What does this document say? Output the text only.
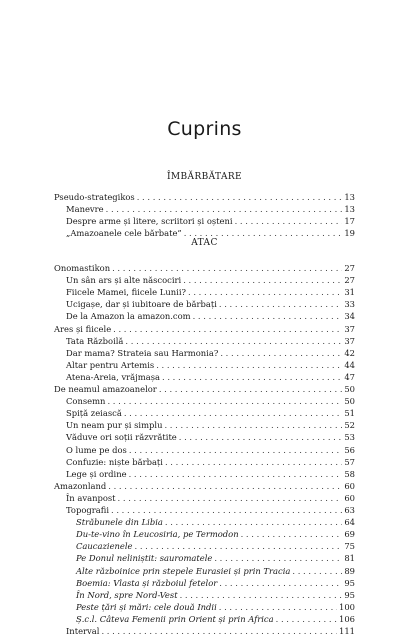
Cuprins
ÎMBĂRBĂTARE
Pseudo-strategikos . . .	13
Manevre . . .	13
Despre arme și litere, scriitori și oșteni . . .	17
„Amazoanele cele bărbate” . . .	19
ATAC
Onomastikon . . .	27
Un sân ars și alte născociri . . .	27
Fiicele Mamei, fiicele Lunii? . . .	31
Ucigașe, dar și iubitoare de bărbați . . .	33
De la Amazon la amazon.com . . .	34
Ares și fiicele . . .	37
Tata Războilă . . .	37
Dar mama? Strateia sau Harmonia? . . .	42
Altar pentru Artemis . . .	44
Atena-Areia, vrăjmașa . . .	47
De neamul amazoanelor . . .	50
Consemn . . .	50
Spiță zeiască . . .	51
Un neam pur și simplu . . .	52
Văduve ori soții răzvrătite . . .	53
O lume pe dos . . .	56
Confuzie: niște bărbați . . .	57
Lege și ordine . . .	58
Amazonland . . .	60
În avanpost . . .	60
Topografii . . .	63
Străbunele din Libia . . .	64
Du-te-vino în Leucosiria, pe Termodon . . .	69
Caucazienele . . .	75
Pe Donul neliniștit: sauromatele . . .	81
Alte războinice prin stepele Eurasiei și prin Tracia . . .	89
Boemia: Vlasta și războiul fetelor . . .	95
În Nord, spre Nord-Vest . . .	95
Peste țări și mări: cele două Indii . . .	100
Ș.c.l. Câteva Femenii prin Orient și prin Africa . . .	106
Interval . . .	111
